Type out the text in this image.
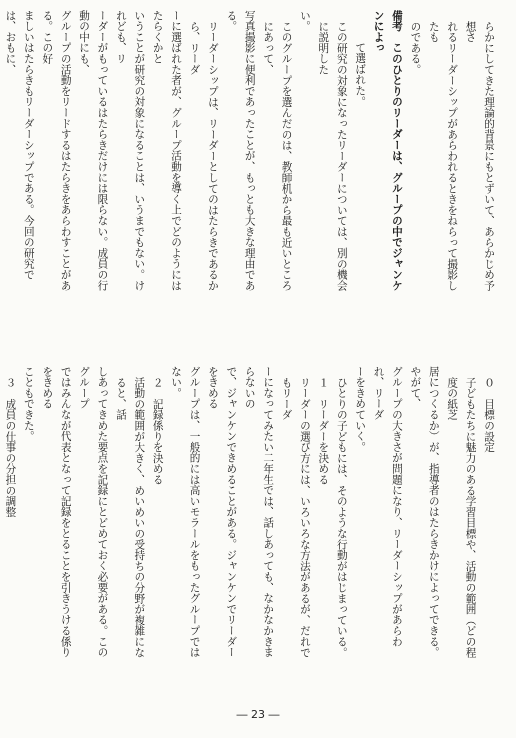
らかにしてきた理論的背景にもとずいて、あらかじめ予想さ

れるリーダーシップがあらわれるときをねらって撮影したも

のである。

備考　このひとりのリーダーは、グループの中でジャンケンによっ

て選ばれた。

この研究の対象になったリーダーについては、別の機会に説明した

い。

このグループを選んだのは、教師机から最も近いところにあって、

写真撮影に便利であったことが、もっとも大きな理由である。

リーダーシップは、リーダーとしてのはたらきであるから、リーダ

ーに選ばれた者が、グループ活動を導く上でどのようにはたらくかと

いうことが研究の対象になることは、いうまでもない。けれども、リ

ーダーがもっているはたらきだけには限らない。成員の行動の中にも、

グループの活動をリードするはたらきをあらわすことがある。この好

ましいはたらきもリーダーシップである。今回の研究では、おもに、

０　目標の設定

子どもたちに魅力のある学習目標や、活動の範囲（どの程度の紙芝

居につくるか）が、指導者のはたらきかけによってできる。やがて、

グループの大きさが問題になり、リーダーシップがあらわれ、リーダ

ーをきめていく。

ひとりの子どもには、そのような行動がはじまっている。

１　リーダーを決める

リーダーの選び方には、いろいろな方法があるが、だれでもリーダ

ーになってみたい二年生では、話しあっても、なかなかきまらないの

で、ジャンケンできめることがある。ジャンケンでリーダーをきめる

グループは、一般的には高いモラールをもったグループではない。

２　記録係りを決める

活動の範囲が大きく、めいめいの受持ちの分野が複雑になると、話

しあってきめた要点を記録にとどめておく必要がある。このグループ

ではみんなが代表となって記録をとることを引きうける係りをきめる

こともできた。

３　成員の仕事の分担の調整

― 23 ―
